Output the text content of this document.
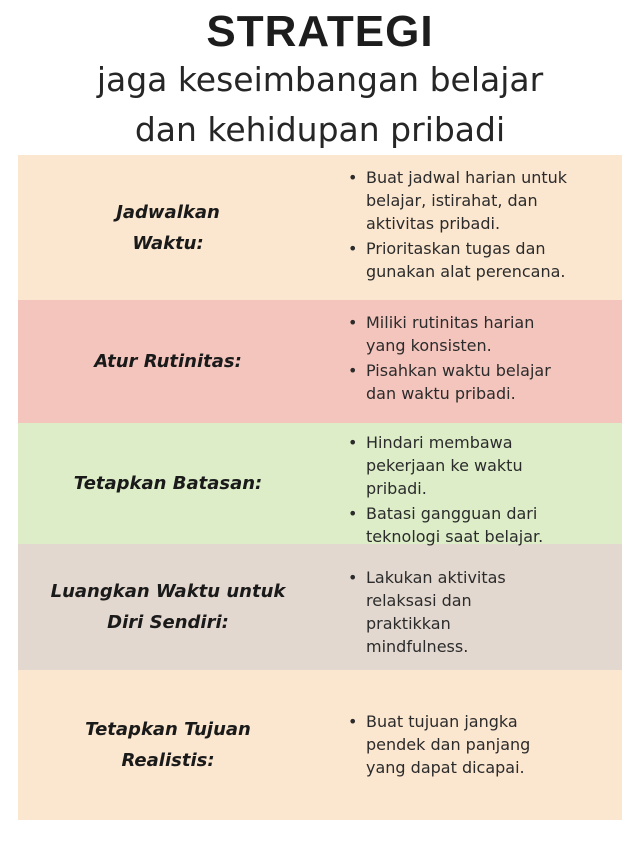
STRATEGI
jaga keseimbangan belajar
dan kehidupan pribadi
Jadwalkan
Waktu:
• Buat jadwal harian untuk
belajar, istirahat, dan
aktivitas pribadi.
• Prioritaskan tugas dan
gunakan alat perencana.
Atur Rutinitas:
• Miliki rutinitas harian
yang konsisten.
• Pisahkan waktu belajar
dan waktu pribadi.
Tetapkan Batasan:
• Hindari membawa
pekerjaan ke waktu
pribadi.
• Batasi gangguan dari
teknologi saat belajar.
Luangkan Waktu untuk
Diri Sendiri:
• Lakukan aktivitas
relaksasi dan
praktikkan
mindfulness.
Tetapkan Tujuan
Realistis:
• Buat tujuan jangka
pendek dan panjang
yang dapat dicapai.
